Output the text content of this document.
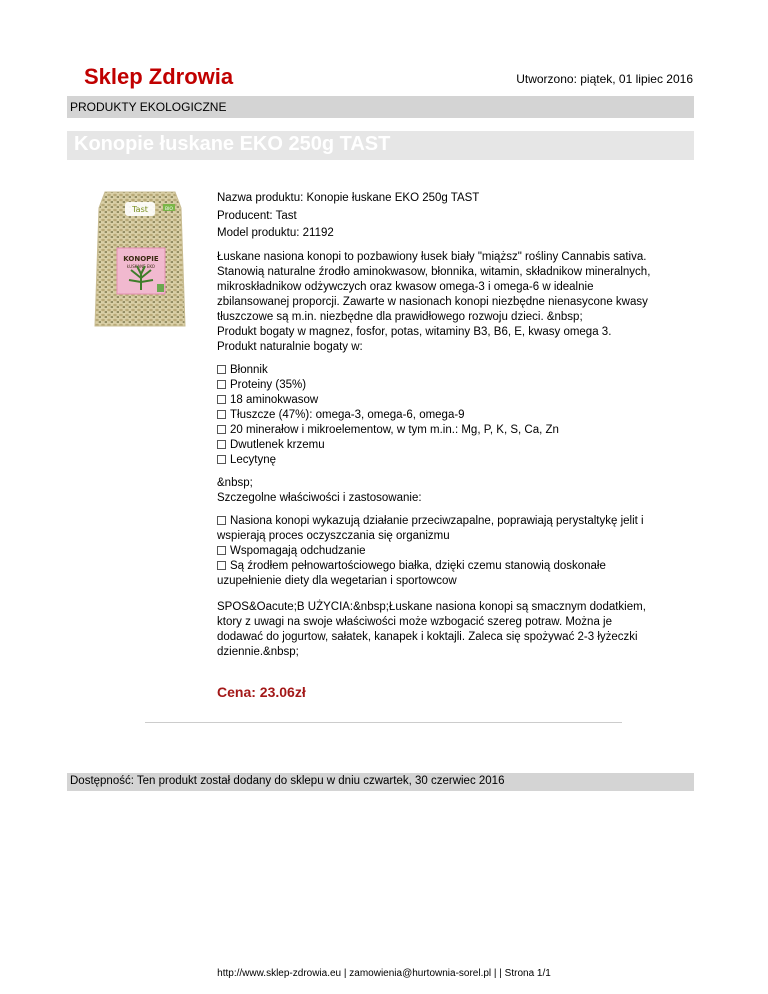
Sklep Zdrowia	Utworzono: piątek, 01 lipiec 2016
PRODUKTY EKOLOGICZNE
Konopie łuskane EKO 250g TAST
Tast	BIO
KONOPIE
ŁUSKANE EKO
Nazwa produktu: Konopie łuskane EKO 250g TAST
Producent: Tast
Model produktu: 21192
Łuskane nasiona konopi to pozbawiony łusek biały "miąższ" rośliny Cannabis sativa.
Stanowią naturalne źrodło aminokwasow, błonnika, witamin, składnikow mineralnych,
mikroskładnikow odżywczych oraz kwasow omega-3 i omega-6 w idealnie
zbilansowanej proporcji. Zawarte w nasionach konopi niezbędne nienasycone kwasy
tłuszczowe są m.in. niezbędne dla prawidłowego rozwoju dzieci. &nbsp;
Produkt bogaty w magnez, fosfor, potas, witaminy B3, B6, E, kwasy omega 3.
Produkt naturalnie bogaty w:
Błonnik
Proteiny (35%)
18 aminokwasow
Tłuszcze (47%): omega-3, omega-6, omega-9
20 minerałow i mikroelementow, w tym m.in.: Mg, P, K, S, Ca, Zn
Dwutlenek krzemu
Lecytynę
&nbsp;
Szczegolne właściwości i zastosowanie:
Nasiona konopi wykazują działanie przeciwzapalne, poprawiają perystaltykę jelit i
wspierają proces oczyszczania się organizmu
Wspomagają odchudzanie
Są źrodłem pełnowartościowego białka, dzięki czemu stanowią doskonałe
uzupełnienie diety dla wegetarian i sportowcow
SPOS&Oacute;B UŻYCIA:&nbsp;Łuskane nasiona konopi są smacznym dodatkiem,
ktory z uwagi na swoje właściwości może wzbogacić szereg potraw. Można je
dodawać do jogurtow, sałatek, kanapek i koktajli. Zaleca się spożywać 2-3 łyżeczki
dziennie.&nbsp;
Cena: 23.06zł
Dostępność: Ten produkt został dodany do sklepu w dniu czwartek, 30 czerwiec 2016
http://www.sklep-zdrowia.eu | zamowienia@hurtownia-sorel.pl | | Strona 1/1
